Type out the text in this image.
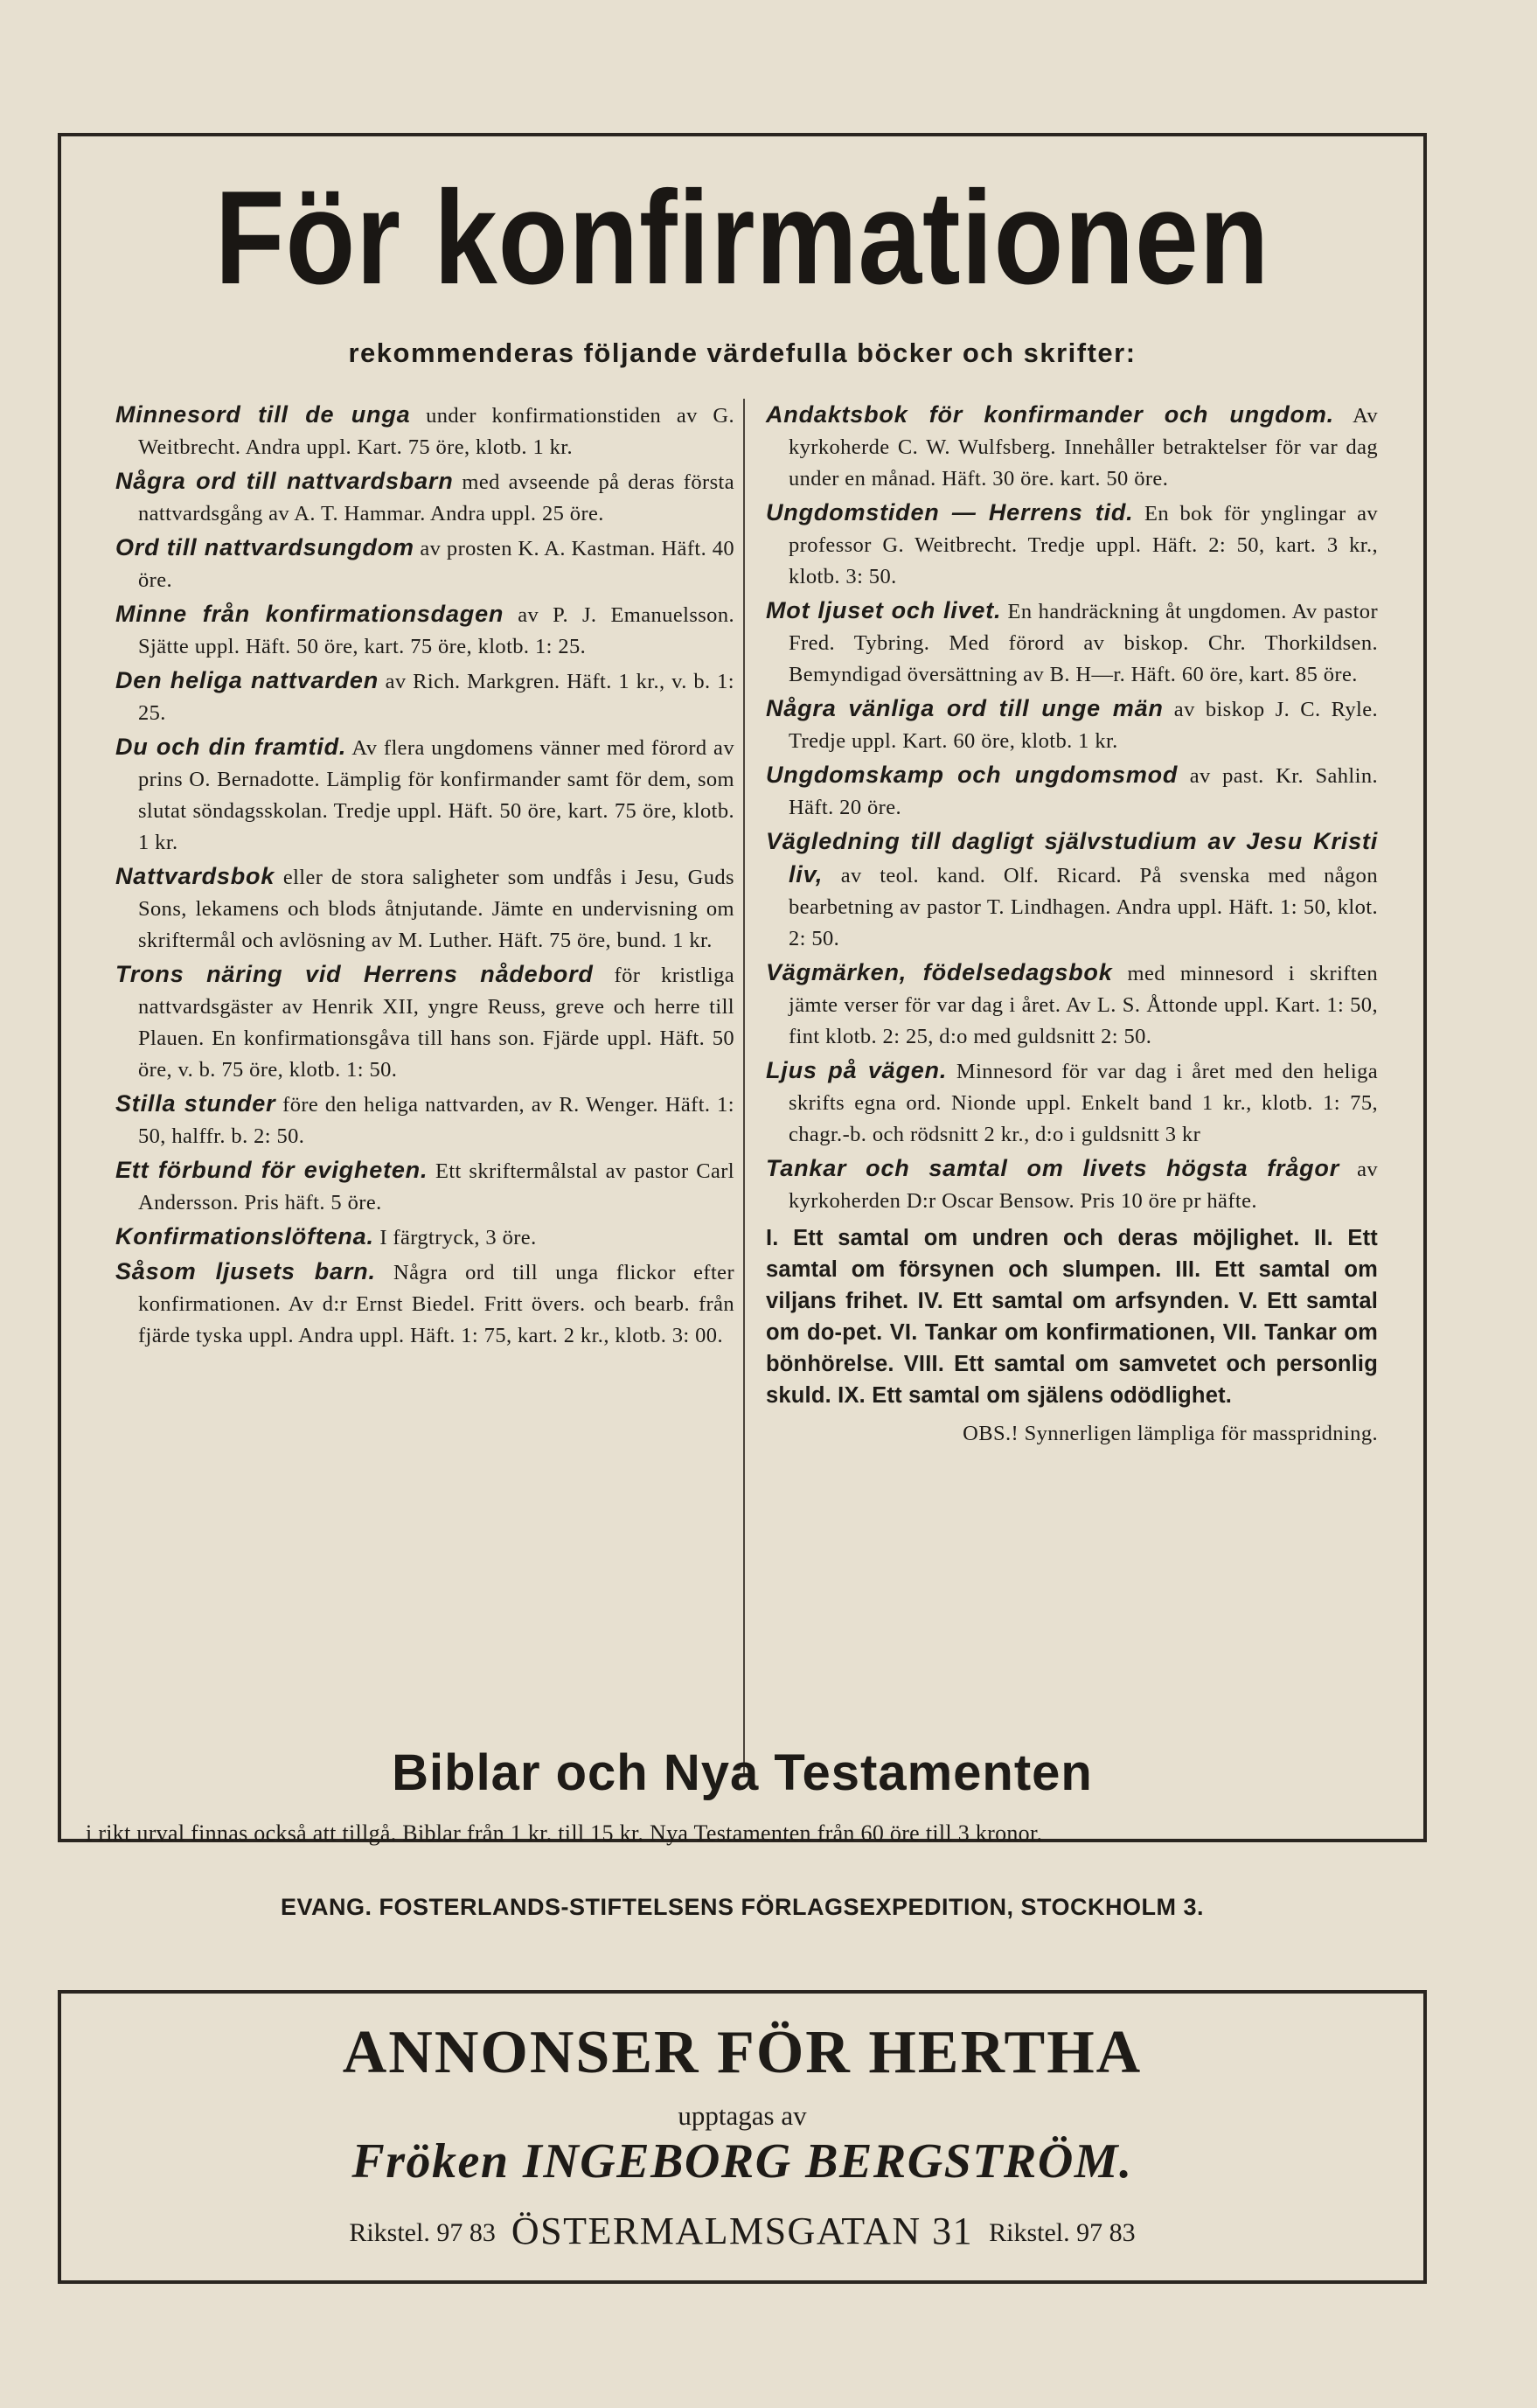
För konfirmationen
rekommenderas följande värdefulla böcker och skrifter:

Minnesord till de unga under konfirmationstiden av G. Weitbrecht. Andra uppl. Kart. 75 öre, klotb. 1 kr.

Några ord till nattvardsbarn med avseende på deras första nattvardsgång av A. T. Hammar. Andra uppl. 25 öre.

Ord till nattvardsungdom av prosten K. A. Kastman. Häft. 40 öre.

Minne från konfirmationsdagen av P. J. Emanuelsson. Sjätte uppl. Häft. 50 öre, kart. 75 öre, klotb. 1: 25.

Den heliga nattvarden av Rich. Markgren. Häft. 1 kr., v. b. 1: 25.

Du och din framtid. Av flera ungdomens vänner med förord av prins O. Bernadotte. Lämplig för konfirmander samt för dem, som slutat söndagsskolan. Tredje uppl. Häft. 50 öre, kart. 75 öre, klotb. 1 kr.

Nattvardsbok eller de stora saligheter som undfås i Jesu, Guds Sons, lekamens och blods åtnjutande. Jämte en undervisning om skriftermål och avlösning av M. Luther. Häft. 75 öre, bund. 1 kr.

Trons näring vid Herrens nådebord för kristliga nattvardsgäster av Henrik XII, yngre Reuss, greve och herre till Plauen. En konfirmationsgåva till hans son. Fjärde uppl. Häft. 50 öre, v. b. 75 öre, klotb. 1: 50.

Stilla stunder före den heliga nattvarden, av R. Wenger. Häft. 1: 50, halffr. b. 2: 50.

Ett förbund för evigheten. Ett skriftermålstal av pastor Carl Andersson. Pris häft. 5 öre.

Konfirmationslöftena. I färgtryck, 3 öre.

Såsom ljusets barn. Några ord till unga flickor efter konfirmationen. Av d:r Ernst Biedel. Fritt övers. och bearb. från fjärde tyska uppl. Andra uppl. Häft. 1: 75, kart. 2 kr., klotb. 3: 00.

Andaktsbok för konfirmander och ungdom. Av kyrkoherde C. W. Wulfsberg. Innehåller betraktelser för var dag under en månad. Häft. 30 öre. kart. 50 öre.

Ungdomstiden — Herrens tid. En bok för ynglingar av professor G. Weitbrecht. Tredje uppl. Häft. 2: 50, kart. 3 kr., klotb. 3: 50.

Mot ljuset och livet. En handräckning åt ungdomen. Av pastor Fred. Tybring. Med förord av biskop. Chr. Thorkildsen. Bemyndigad översättning av B. H—r. Häft. 60 öre, kart. 85 öre.

Några vänliga ord till unge män av biskop J. C. Ryle. Tredje uppl. Kart. 60 öre, klotb. 1 kr.

Ungdomskamp och ungdomsmod av past. Kr. Sahlin. Häft. 20 öre.

Vägledning till dagligt självstudium av Jesu Kristi liv, av teol. kand. Olf. Ricard. På svenska med någon bearbetning av pastor T. Lindhagen. Andra uppl. Häft. 1: 50, klot. 2: 50.

Vägmärken, födelsedagsbok med minnesord i skriften jämte verser för var dag i året. Av L. S. Åttonde uppl. Kart. 1: 50, fint klotb. 2: 25, d:o med guldsnitt 2: 50.

Ljus på vägen. Minnesord för var dag i året med den heliga skrifts egna ord. Nionde uppl. Enkelt band 1 kr., klotb. 1: 75, chagr.-b. och rödsnitt 2 kr., d:o i guldsnitt 3 kr

Tankar och samtal om livets högsta frågor av kyrkoherden D:r Oscar Bensow. Pris 10 öre pr häfte.

I. Ett samtal om undren och deras möjlighet. II. Ett samtal om försynen och slumpen. III. Ett samtal om viljans frihet. IV. Ett samtal om arfsynden. V. Ett samtal om do-pet. VI. Tankar om konfirmationen, VII. Tankar om bönhörelse. VIII. Ett samtal om samvetet och personlig skuld. IX. Ett samtal om själens odödlighet.

OBS.! Synnerligen lämpliga för masspridning.

Biblar och Nya Testamenten
i rikt urval finnas också att tillgå. Biblar från 1 kr. till 15 kr. Nya Testamenten från 60 öre till 3 kronor.
EVANG. FOSTERLANDS-STIFTELSENS FÖRLAGSEXPEDITION, STOCKHOLM 3.
ANNONSER FÖR HERTHA
upptagas av
Fröken INGEBORG BERGSTRÖM.
Rikstel. 97 83 ÖSTERMALMSGATAN 31 Rikstel. 97 83
